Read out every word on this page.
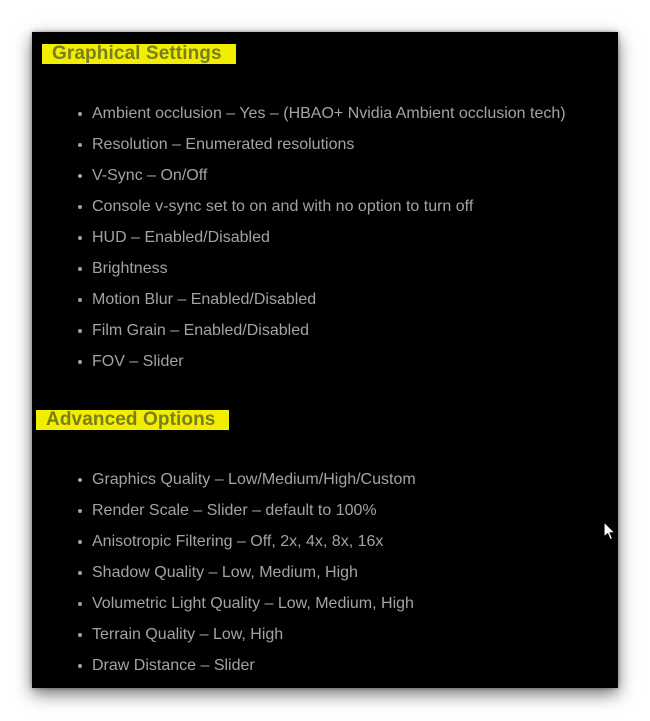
Graphical Settings
Ambient occlusion – Yes – (HBAO+ Nvidia Ambient occlusion tech)
Resolution – Enumerated resolutions
V-Sync – On/Off
Console v-sync set to on and with no option to turn off
HUD – Enabled/Disabled
Brightness
Motion Blur – Enabled/Disabled
Film Grain – Enabled/Disabled
FOV – Slider
Advanced Options
Graphics Quality – Low/Medium/High/Custom
Render Scale – Slider – default to 100%
Anisotropic Filtering – Off, 2x, 4x, 8x, 16x
Shadow Quality – Low, Medium, High
Volumetric Light Quality – Low, Medium, High
Terrain Quality – Low, High
Draw Distance – Slider
